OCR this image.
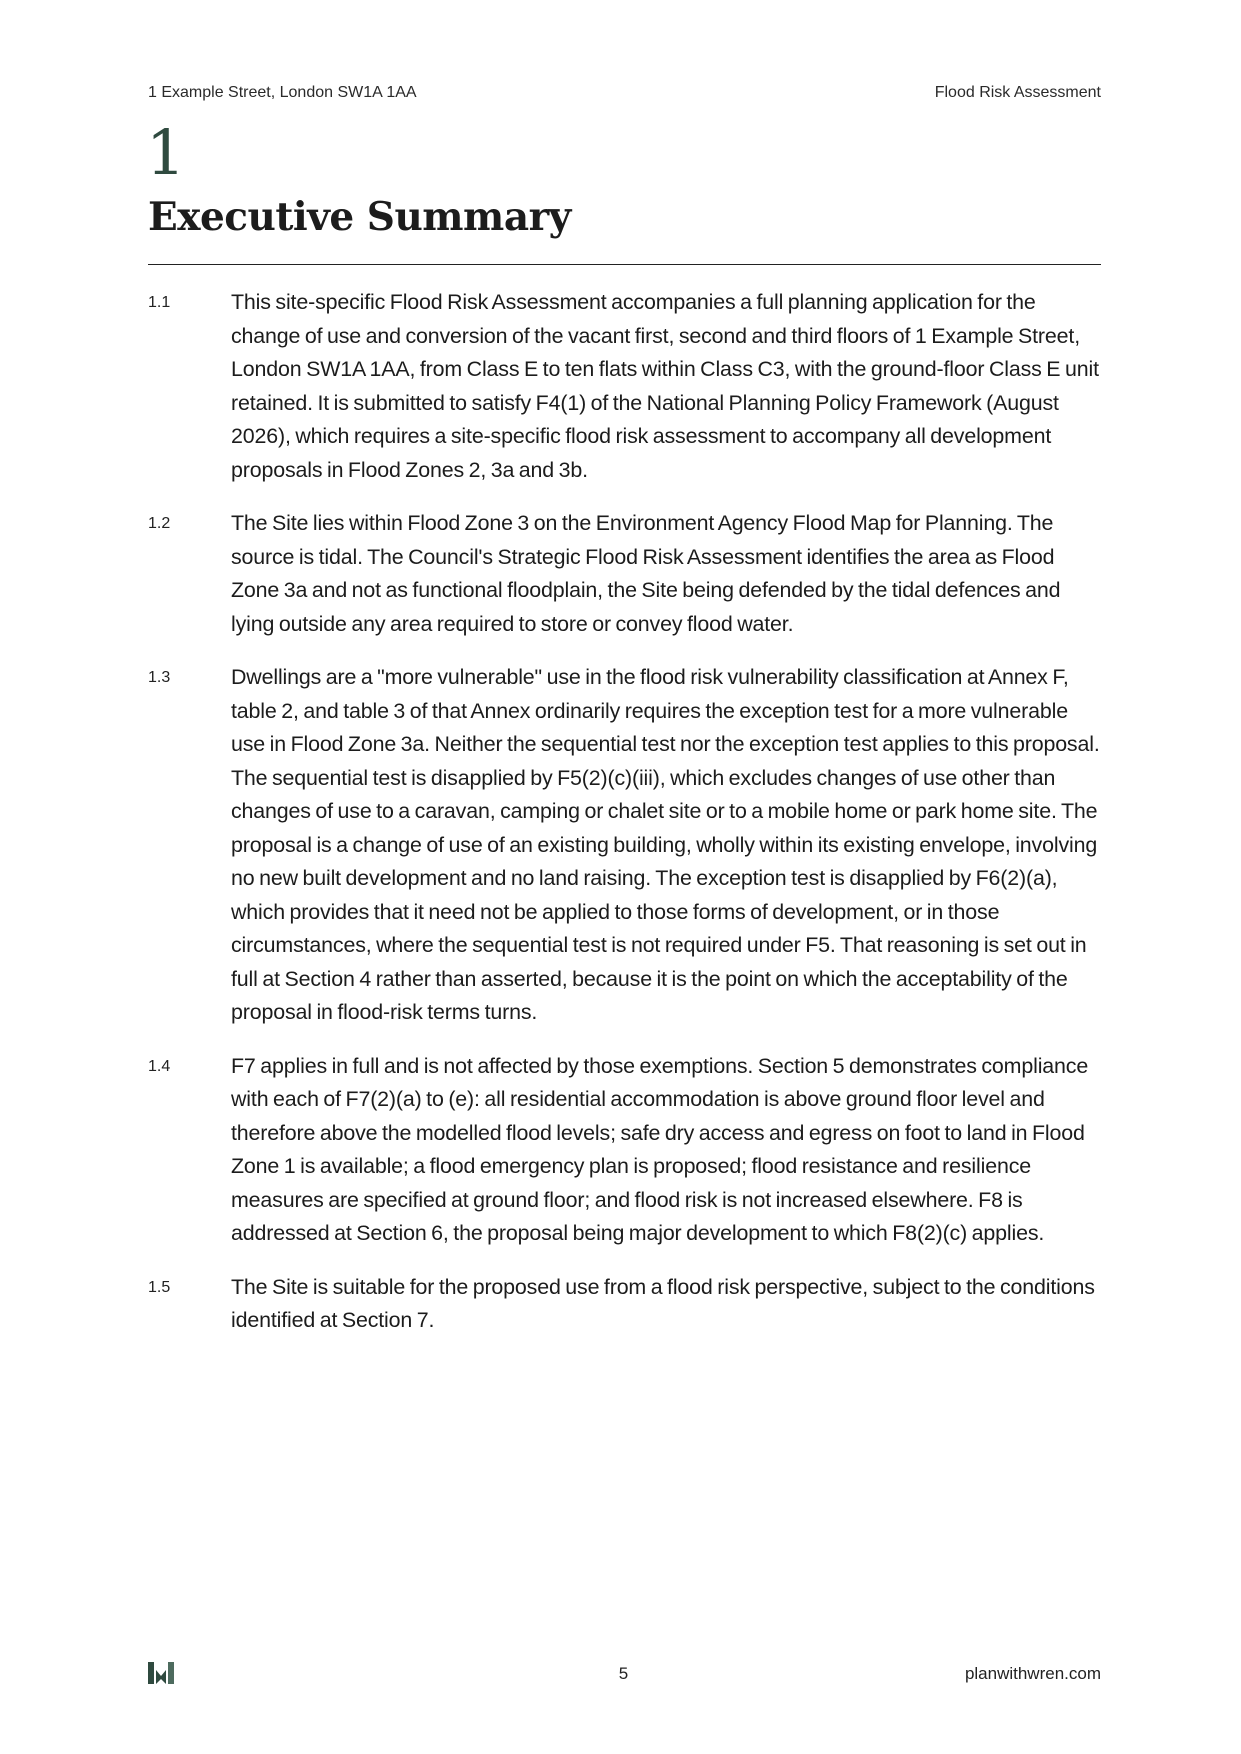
1 Example Street, London SW1A 1AA	Flood Risk Assessment
1
Executive Summary
1.1	This site-specific Flood Risk Assessment accompanies a full planning application for the change of use and conversion of the vacant first, second and third floors of 1 Example Street, London SW1A 1AA, from Class E to ten flats within Class C3, with the ground-floor Class E unit retained. It is submitted to satisfy F4(1) of the National Planning Policy Framework (August 2026), which requires a site-specific flood risk assessment to accompany all development proposals in Flood Zones 2, 3a and 3b.
1.2	The Site lies within Flood Zone 3 on the Environment Agency Flood Map for Planning. The source is tidal. The Council's Strategic Flood Risk Assessment identifies the area as Flood Zone 3a and not as functional floodplain, the Site being defended by the tidal defences and lying outside any area required to store or convey flood water.
1.3	Dwellings are a "more vulnerable" use in the flood risk vulnerability classification at Annex F, table 2, and table 3 of that Annex ordinarily requires the exception test for a more vulnerable use in Flood Zone 3a. Neither the sequential test nor the exception test applies to this proposal. The sequential test is disapplied by F5(2)(c)(iii), which excludes changes of use other than changes of use to a caravan, camping or chalet site or to a mobile home or park home site. The proposal is a change of use of an existing building, wholly within its existing envelope, involving no new built development and no land raising. The exception test is disapplied by F6(2)(a), which provides that it need not be applied to those forms of development, or in those circumstances, where the sequential test is not required under F5. That reasoning is set out in full at Section 4 rather than asserted, because it is the point on which the acceptability of the proposal in flood-risk terms turns.
1.4	F7 applies in full and is not affected by those exemptions. Section 5 demonstrates compliance with each of F7(2)(a) to (e): all residential accommodation is above ground floor level and therefore above the modelled flood levels; safe dry access and egress on foot to land in Flood Zone 1 is available; a flood emergency plan is proposed; flood resistance and resilience measures are specified at ground floor; and flood risk is not increased elsewhere. F8 is addressed at Section 6, the proposal being major development to which F8(2)(c) applies.
1.5	The Site is suitable for the proposed use from a flood risk perspective, subject to the conditions identified at Section 7.
5	planwithwren.com
